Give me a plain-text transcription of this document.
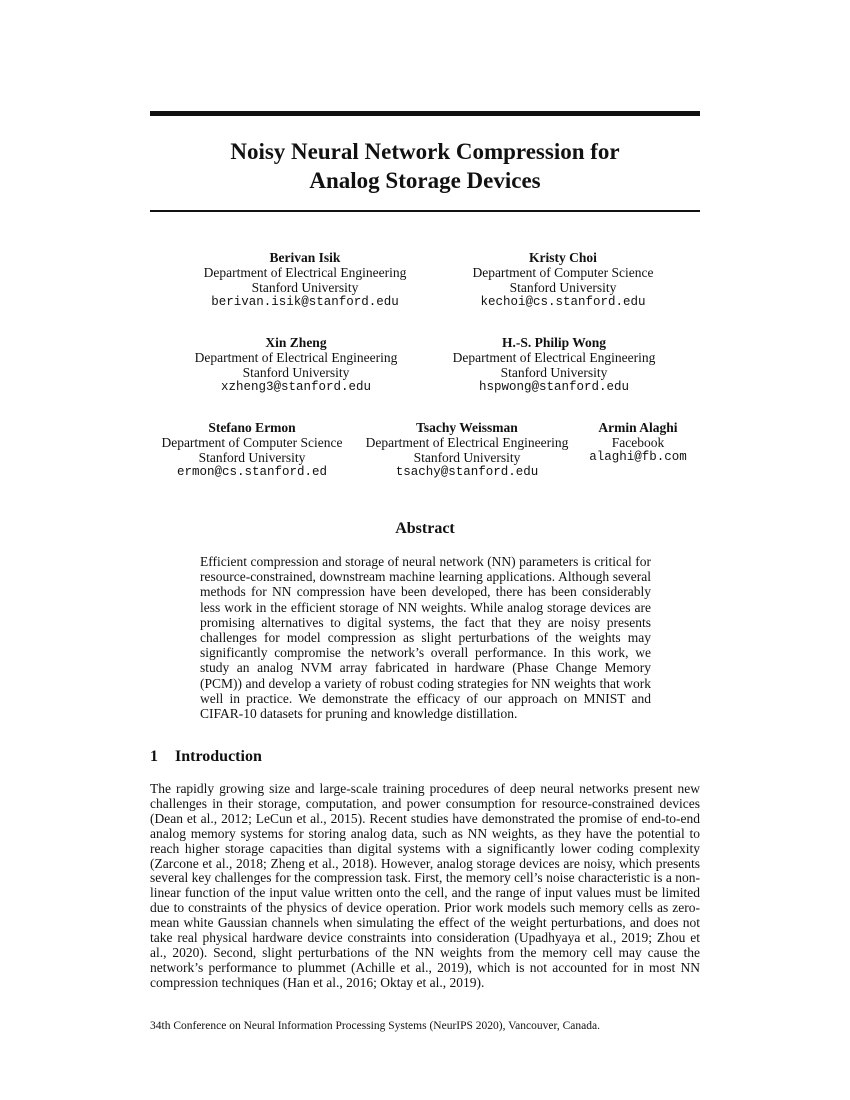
Noisy Neural Network Compression for
Analog Storage Devices
Berivan Isik
Department of Electrical Engineering
Stanford University
berivan.isik@stanford.edu
Kristy Choi
Department of Computer Science
Stanford University
kechoi@cs.stanford.edu
Xin Zheng
Department of Electrical Engineering
Stanford University
xzheng3@stanford.edu
H.-S. Philip Wong
Department of Electrical Engineering
Stanford University
hspwong@stanford.edu
Stefano Ermon
Department of Computer Science
Stanford University
ermon@cs.stanford.ed
Tsachy Weissman
Department of Electrical Engineering
Stanford University
tsachy@stanford.edu
Armin Alaghi
Facebook
alaghi@fb.com
Abstract
Efficient compression and storage of neural network (NN) parameters is critical for resource-constrained, downstream machine learning applications. Although several methods for NN compression have been developed, there has been considerably less work in the efficient storage of NN weights. While analog storage devices are promising alternatives to digital systems, the fact that they are noisy presents challenges for model compression as slight perturbations of the weights may significantly compromise the network’s overall performance. In this work, we study an analog NVM array fabricated in hardware (Phase Change Memory (PCM)) and develop a variety of robust coding strategies for NN weights that work well in practice. We demonstrate the efficacy of our approach on MNIST and CIFAR-10 datasets for pruning and knowledge distillation.
1 Introduction
The rapidly growing size and large-scale training procedures of deep neural networks present new challenges in their storage, computation, and power consumption for resource-constrained devices (Dean et al., 2012; LeCun et al., 2015). Recent studies have demonstrated the promise of end-to-end analog memory systems for storing analog data, such as NN weights, as they have the potential to reach higher storage capacities than digital systems with a significantly lower coding complexity (Zarcone et al., 2018; Zheng et al., 2018). However, analog storage devices are noisy, which presents several key challenges for the compression task. First, the memory cell’s noise characteristic is a non-linear function of the input value written onto the cell, and the range of input values must be limited due to constraints of the physics of device operation. Prior work models such memory cells as zero-mean white Gaussian channels when simulating the effect of the weight perturbations, and does not take real physical hardware device constraints into consideration (Upadhyaya et al., 2019; Zhou et al., 2020). Second, slight perturbations of the NN weights from the memory cell may cause the network’s performance to plummet (Achille et al., 2019), which is not accounted for in most NN compression techniques (Han et al., 2016; Oktay et al., 2019).
34th Conference on Neural Information Processing Systems (NeurIPS 2020), Vancouver, Canada.
